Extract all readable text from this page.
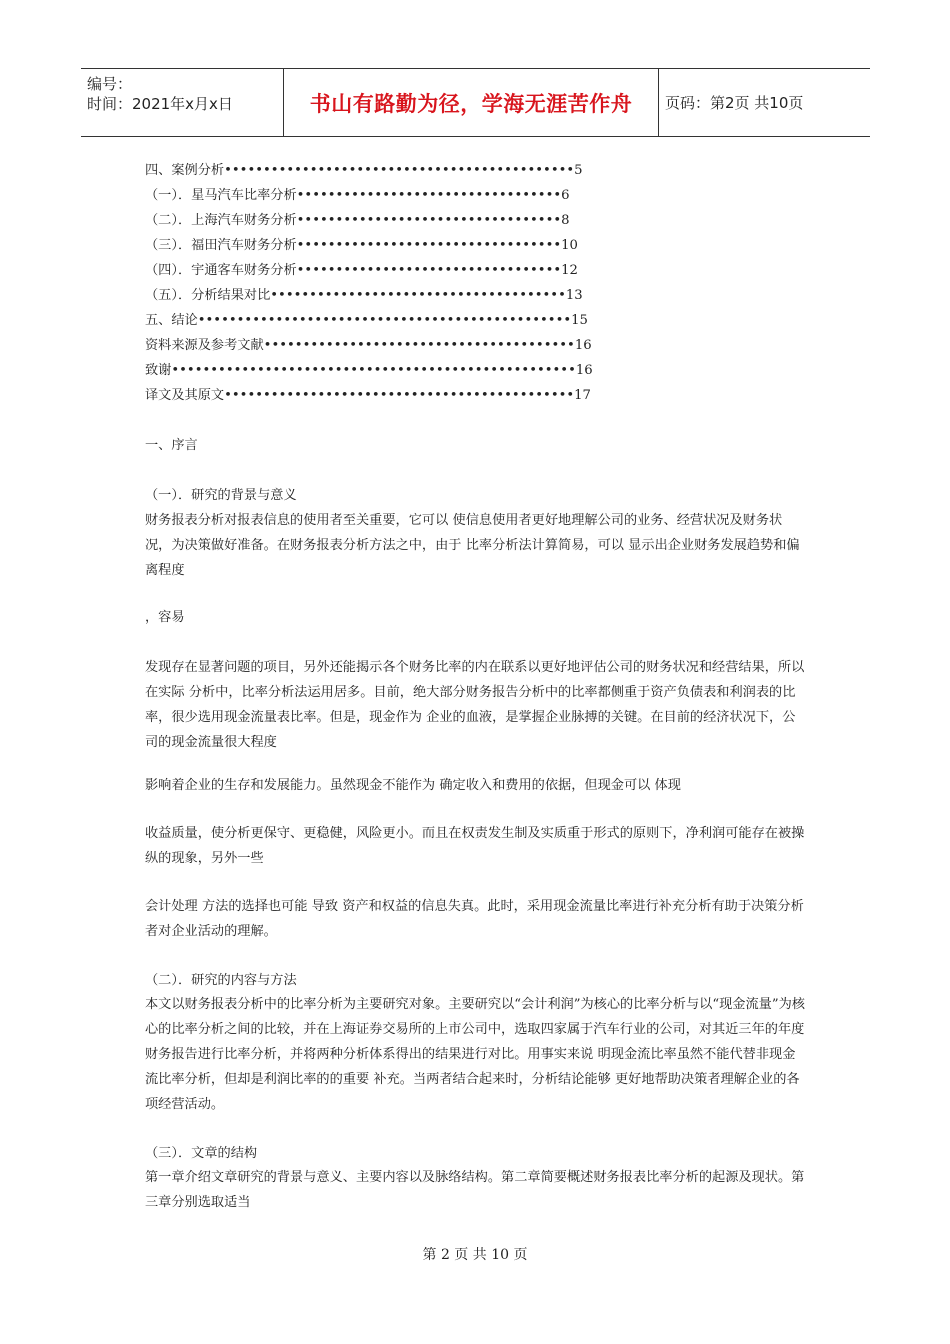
编号：
时间：2021年x月x日	书山有路勤为径，学海无涯苦作舟 页码：第2页 共10页
四、案例分析•••••••••••••••••••••••••••••••••••••••••••••5
（一）．星马汽车比率分析••••••••••••••••••••••••••••••••••6
（二）．上海汽车财务分析••••••••••••••••••••••••••••••••••8
（三）．福田汽车财务分析••••••••••••••••••••••••••••••••••10
（四）．宇通客车财务分析••••••••••••••••••••••••••••••••••12
（五）．分析结果对比••••••••••••••••••••••••••••••••••••••13
五、结论••••••••••••••••••••••••••••••••••••••••••••••••15
资料来源及参考文献••••••••••••••••••••••••••••••••••••••••16
致谢••••••••••••••••••••••••••••••••••••••••••••••••••••16
译文及其原文•••••••••••••••••••••••••••••••••••••••••••••17

一、序言

（一）．研究的背景与意义

财务报表分析对报表信息的使用者至关重要，它可以 使信息使用者更好地理解公司的业务、经营状况及财务状况，为决策做好准备。在财务报表分析方法之中，由于 比率分析法计算简易，可以 显示出企业财务发展趋势和偏离程度

，容易

发现存在显著问题的项目，另外还能揭示各个财务比率的内在联系以更好地评估公司的财务状况和经营结果，所以 在实际 分析中，比率分析法运用居多。目前，绝大部分财务报告分析中的比率都侧重于资产负债表和利润表的比率，很少选用现金流量表比率。但是，现金作为 企业的血液，是掌握企业脉搏的关键。在目前的经济状况下，公司的现金流量很大程度

影响着企业的生存和发展能力。虽然现金不能作为 确定收入和费用的依据，但现金可以 体现

收益质量，使分析更保守、更稳健，风险更小。而且在权责发生制及实质重于形式的原则下，净利润可能存在被操纵的现象，另外一些

会计处理 方法的选择也可能 导致 资产和权益的信息失真。此时，采用现金流量比率进行补充分析有助于决策分析者对企业活动的理解。

（二）．研究的内容与方法

本文以财务报表分析中的比率分析为主要研究对象。主要研究以“会计利润”为核心的比率分析与以“现金流量”为核心的比率分析之间的比较，并在上海证券交易所的上市公司中，选取四家属于汽车行业的公司，对其近三年的年度财务报告进行比率分析，并将两种分析体系得出的结果进行对比。用事实来说 明现金流比率虽然不能代替非现金流比率分析，但却是利润比率的的重要 补充。当两者结合起来时，分析结论能够 更好地帮助决策者理解企业的各项经营活动。

（三）．文章的结构

第一章介绍文章研究的背景与意义、主要内容以及脉络结构。第二章简要概述财务报表比率分析的起源及现状。第三章分别选取适当

第 2 页 共 10 页
